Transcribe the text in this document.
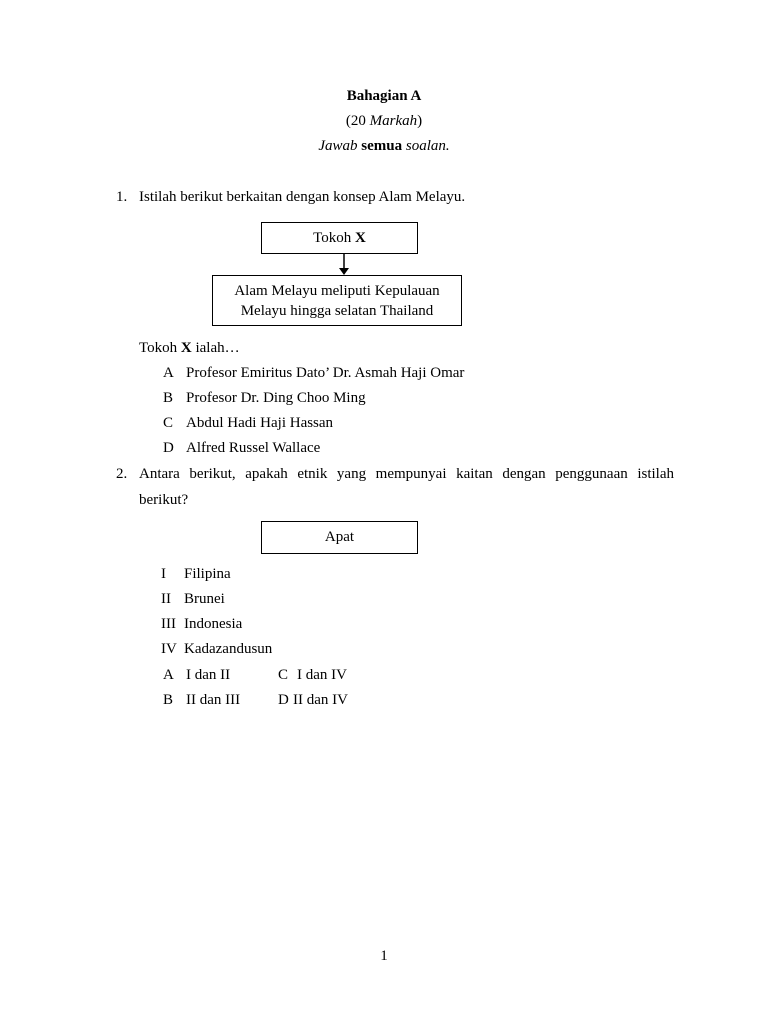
Bahagian A
(20 Markah)
Jawab semua soalan.
1. Istilah berikut berkaitan dengan konsep Alam Melayu.
Tokoh X
Alam Melayu meliputi Kepulauan
Melayu hingga selatan Thailand
Tokoh X ialah…
A Profesor Emiritus Dato’ Dr. Asmah Haji Omar
B Profesor Dr. Ding Choo Ming
C Abdul Hadi Haji Hassan
D Alfred Russel Wallace
2. Antara berikut, apakah etnik yang mempunyai kaitan dengan penggunaan istilah
berikut?
Apat
I Filipina
II Brunei
III Indonesia
IV Kadazandusun
A I dan II	C I dan IV
B II dan III	D II dan IV
1
